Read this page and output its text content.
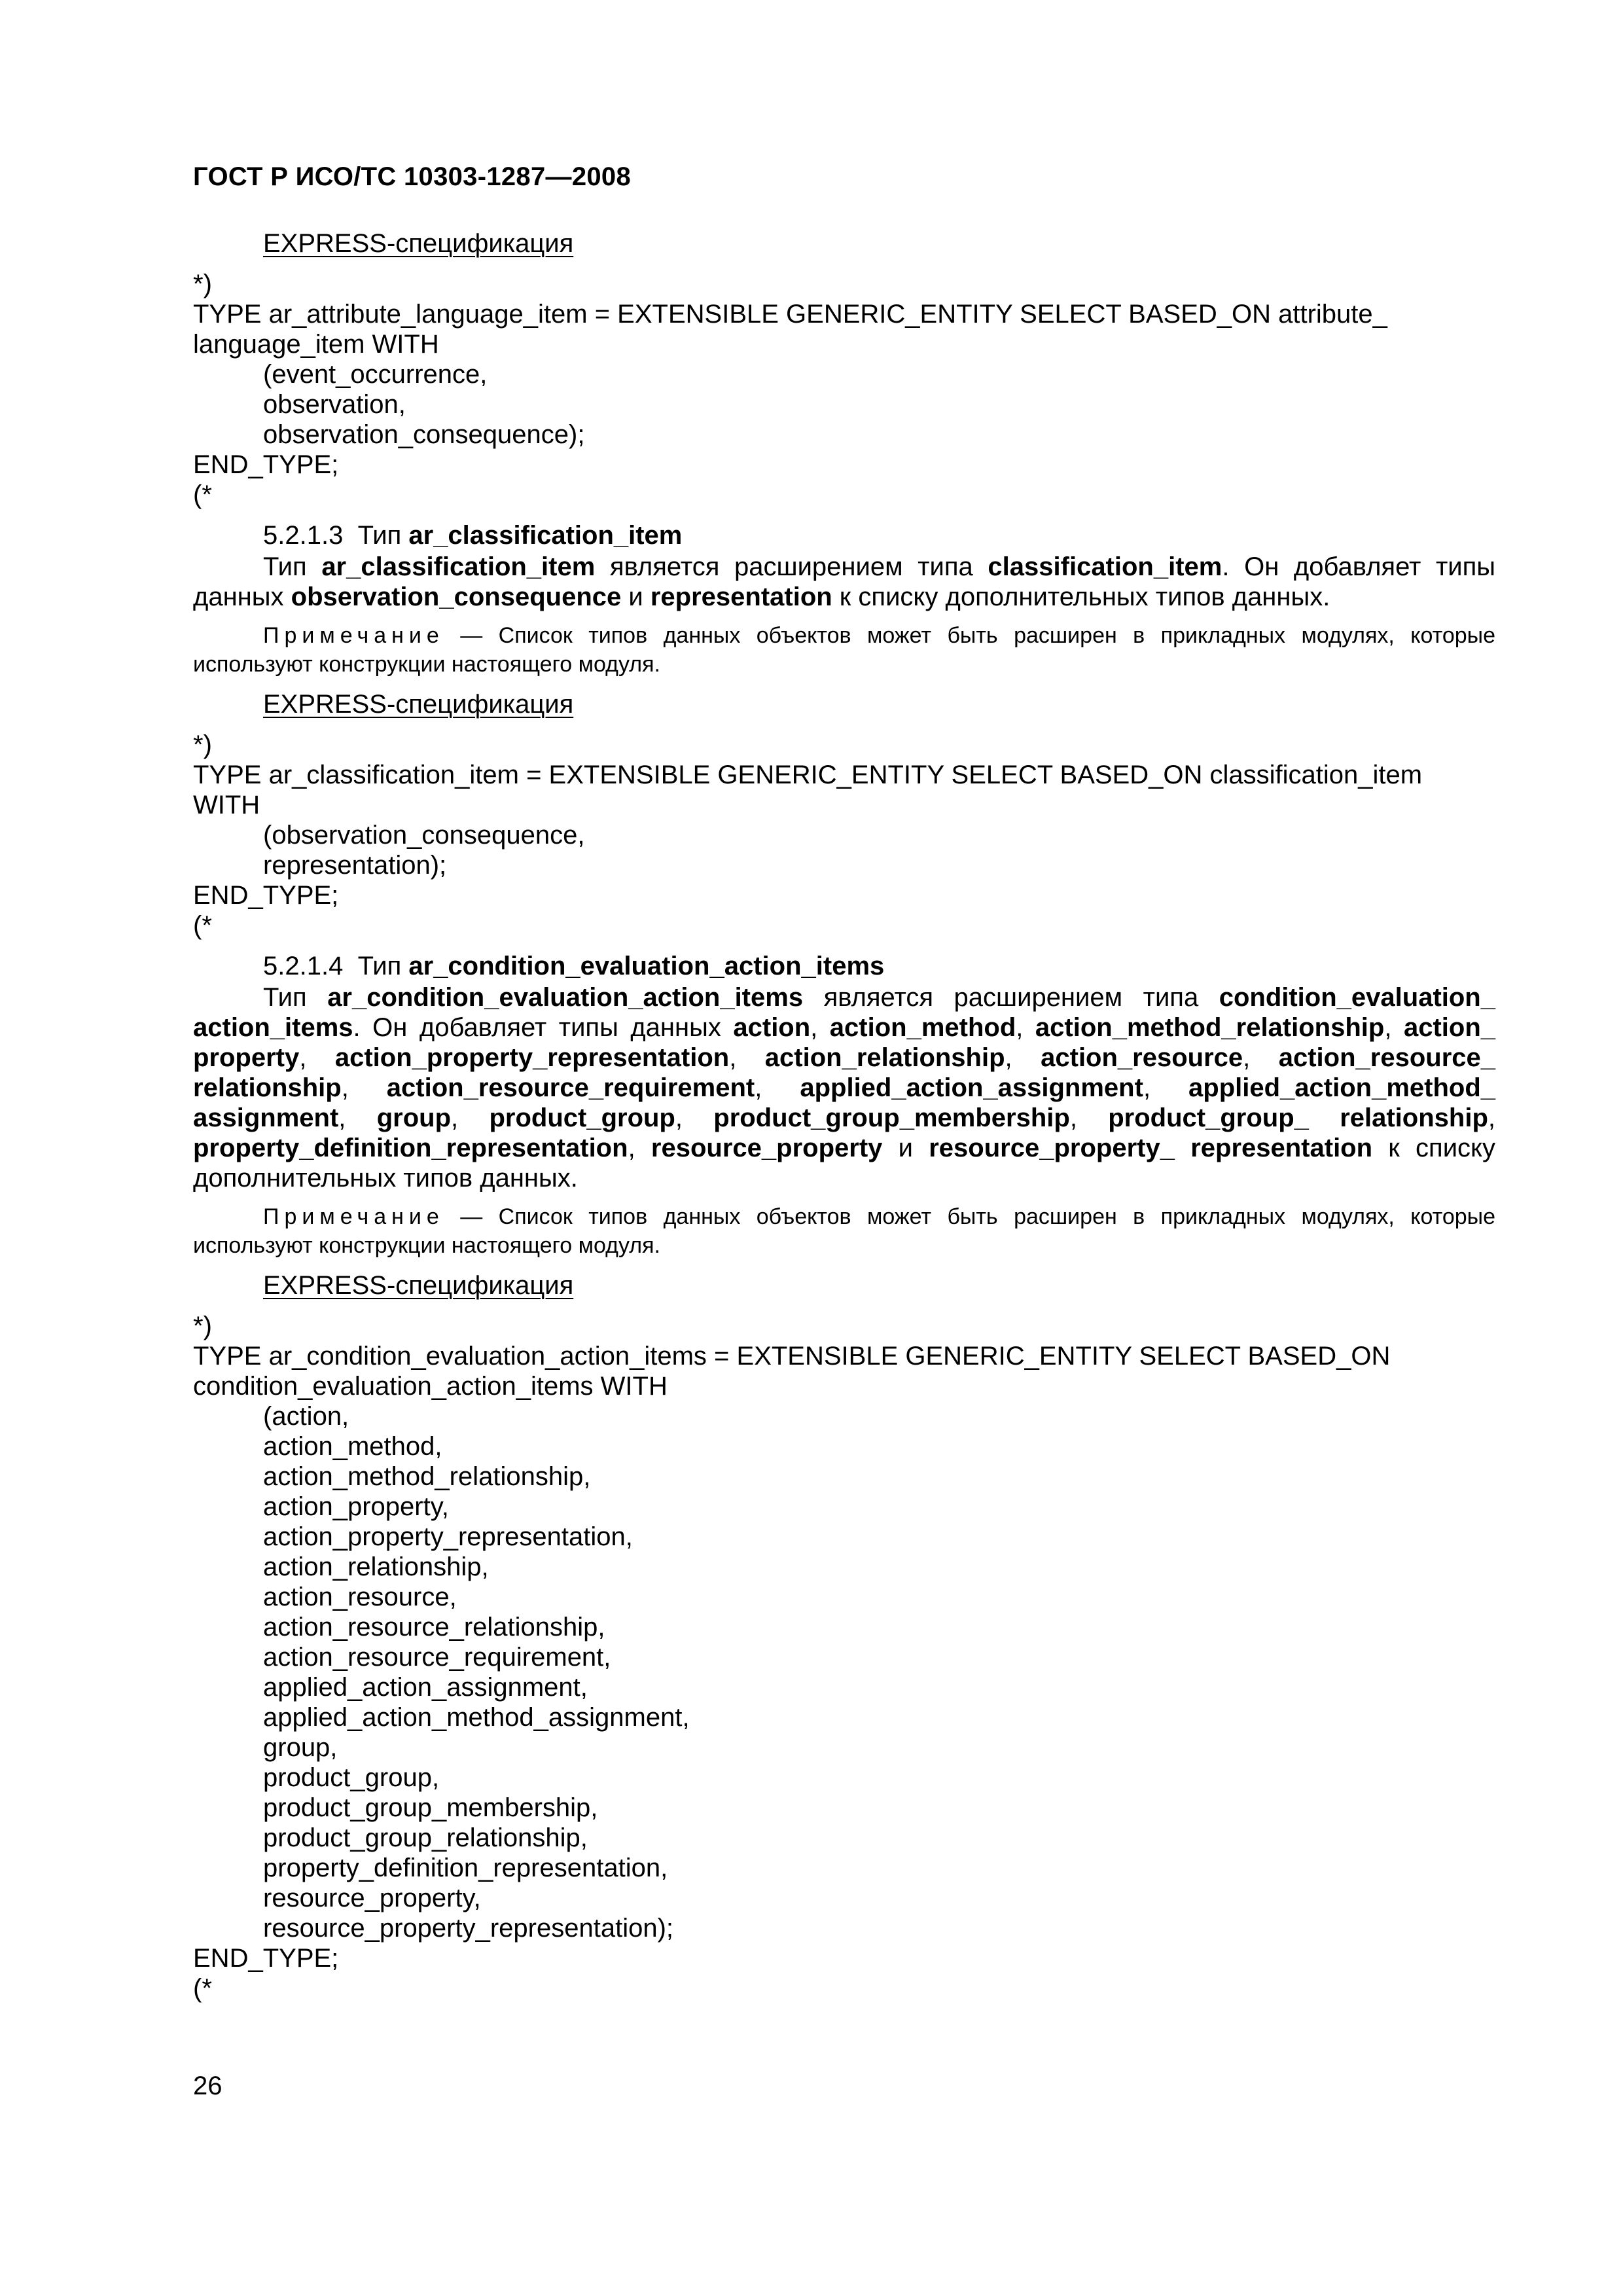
ГОСТ Р ИСО/ТС 10303-1287—2008
EXPRESS-спецификация
*)
TYPE ar_attribute_language_item = EXTENSIBLE GENERIC_ENTITY SELECT BASED_ON attribute_
language_item WITH
(event_occurrence,
observation,
observation_consequence);
END_TYPE;
(*
5.2.1.3 Тип ar_classification_item

Тип ar_classification_item является расширением типа classification_item. Он добавляет типы данных observation_consequence и representation к списку дополнительных типов данных.

Примечание — Список типов данных объектов может быть расширен в прикладных модулях, которые используют конструкции настоящего модуля.

EXPRESS-спецификация
*)
TYPE ar_classification_item = EXTENSIBLE GENERIC_ENTITY SELECT BASED_ON classification_item
WITH
(observation_consequence,
representation);
END_TYPE;
(*
5.2.1.4 Тип ar_condition_evaluation_action_items

Тип ar_condition_evaluation_action_items является расширением типа condition_evaluation_ action_items. Он добавляет типы данных action, action_method, action_method_relationship, action_ property, action_property_representation, action_relationship, action_resource, action_resource_ relationship, action_resource_requirement, applied_action_assignment, applied_action_method_ assignment, group, product_group, product_group_membership, product_group_ relationship, property_definition_representation, resource_property и resource_property_ representation к списку дополнительных типов данных.

Примечание — Список типов данных объектов может быть расширен в прикладных модулях, которые используют конструкции настоящего модуля.

EXPRESS-спецификация
*)
TYPE ar_condition_evaluation_action_items = EXTENSIBLE GENERIC_ENTITY SELECT BASED_ON
condition_evaluation_action_items WITH
(action,
action_method,
action_method_relationship,
action_property,
action_property_representation,
action_relationship,
action_resource,
action_resource_relationship,
action_resource_requirement,
applied_action_assignment,
applied_action_method_assignment,
group,
product_group,
product_group_membership,
product_group_relationship,
property_definition_representation,
resource_property,
resource_property_representation);
END_TYPE;
(*
26
